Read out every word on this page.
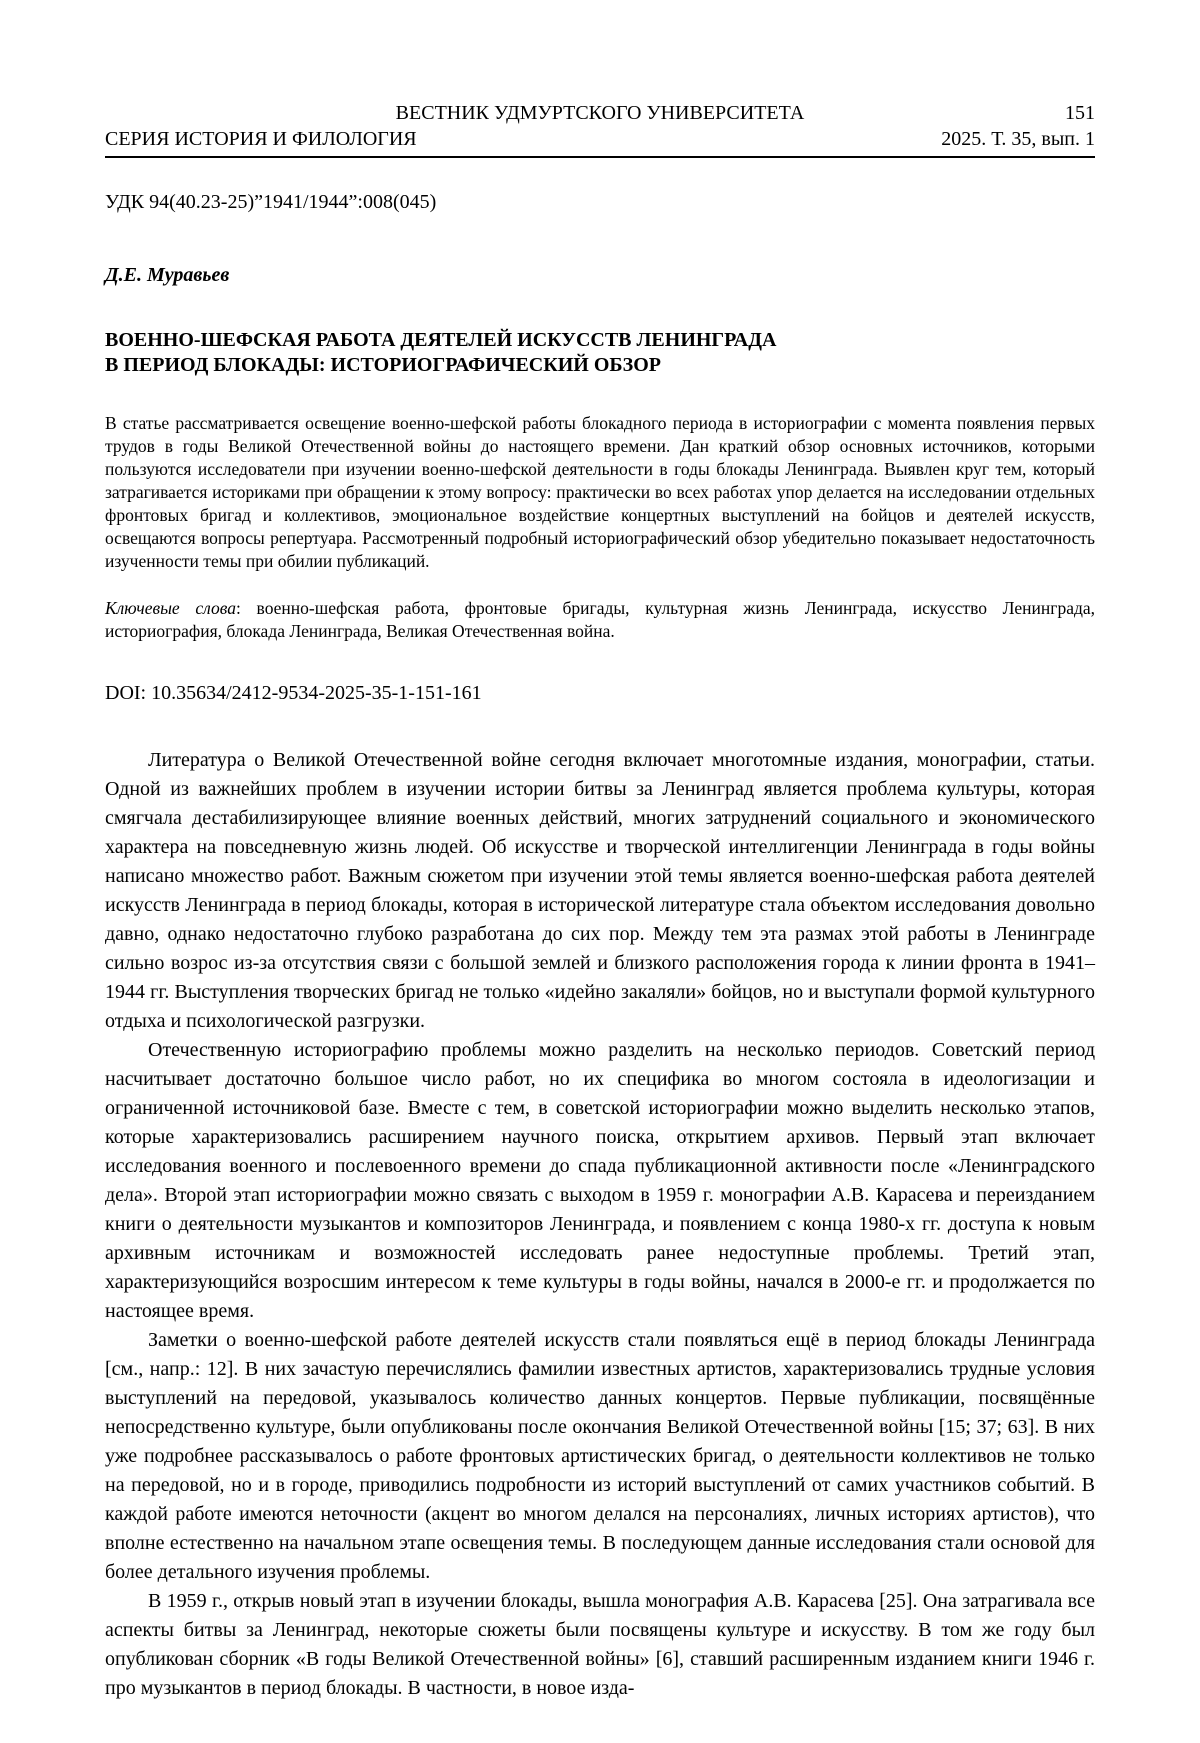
ВЕСТНИК УДМУРТСКОГО УНИВЕРСИТЕТА	151
СЕРИЯ ИСТОРИЯ И ФИЛОЛОГИЯ	2025. Т. 35, вып. 1
УДК 94(40.23-25)”1941/1944”:008(045)
Д.Е. Муравьев
ВОЕННО-ШЕФСКАЯ РАБОТА ДЕЯТЕЛЕЙ ИСКУССТВ ЛЕНИНГРАДА
В ПЕРИОД БЛОКАДЫ: ИСТОРИОГРАФИЧЕСКИЙ ОБЗОР
В статье рассматривается освещение военно-шефской работы блокадного периода в историографии с момента появления первых трудов в годы Великой Отечественной войны до настоящего времени. Дан краткий обзор основных источников, которыми пользуются исследователи при изучении военно-шефской деятельности в годы блокады Ленинграда. Выявлен круг тем, который затрагивается историками при обращении к этому вопросу: практически во всех работах упор делается на исследовании отдельных фронтовых бригад и коллективов, эмоциональное воздействие концертных выступлений на бойцов и деятелей искусств, освещаются вопросы репертуара. Рассмотренный подробный историографический обзор убедительно показывает недостаточность изученности темы при обилии публикаций.
Ключевые слова: военно-шефская работа, фронтовые бригады, культурная жизнь Ленинграда, искусство Ленинграда, историография, блокада Ленинграда, Великая Отечественная война.
DOI: 10.35634/2412-9534-2025-35-1-151-161

Литература о Великой Отечественной войне сегодня включает многотомные издания, монографии, статьи. Одной из важнейших проблем в изучении истории битвы за Ленинград является проблема культуры, которая смягчала дестабилизирующее влияние военных действий, многих затруднений социального и экономического характера на повседневную жизнь людей. Об искусстве и творческой интеллигенции Ленинграда в годы войны написано множество работ. Важным сюжетом при изучении этой темы является военно-шефская работа деятелей искусств Ленинграда в период блокады, которая в исторической литературе стала объектом исследования довольно давно, однако недостаточно глубоко разработана до сих пор. Между тем эта размах этой работы в Ленинграде сильно возрос из-за отсутствия связи с большой землей и близкого расположения города к линии фронта в 1941–1944 гг. Выступления творческих бригад не только «идейно закаляли» бойцов, но и выступали формой культурного отдыха и психологической разгрузки.

Отечественную историографию проблемы можно разделить на несколько периодов. Советский период насчитывает достаточно большое число работ, но их специфика во многом состояла в идеологизации и ограниченной источниковой базе. Вместе с тем, в советской историографии можно выделить несколько этапов, которые характеризовались расширением научного поиска, открытием архивов. Первый этап включает исследования военного и послевоенного времени до спада публикационной активности после «Ленинградского дела». Второй этап историографии можно связать с выходом в 1959 г. монографии А.В. Карасева и переизданием книги о деятельности музыкантов и композиторов Ленинграда, и появлением с конца 1980-х гг. доступа к новым архивным источникам и возможностей исследовать ранее недоступные проблемы. Третий этап, характеризующийся возросшим интересом к теме культуры в годы войны, начался в 2000-е гг. и продолжается по настоящее время.

Заметки о военно-шефской работе деятелей искусств стали появляться ещё в период блокады Ленинграда [см., напр.: 12]. В них зачастую перечислялись фамилии известных артистов, характеризовались трудные условия выступлений на передовой, указывалось количество данных концертов. Первые публикации, посвящённые непосредственно культуре, были опубликованы после окончания Великой Отечественной войны [15; 37; 63]. В них уже подробнее рассказывалось о работе фронтовых артистических бригад, о деятельности коллективов не только на передовой, но и в городе, приводились подробности из историй выступлений от самих участников событий. В каждой работе имеются неточности (акцент во многом делался на персоналиях, личных историях артистов), что вполне естественно на начальном этапе освещения темы. В последующем данные исследования стали основой для более детального изучения проблемы.

В 1959 г., открыв новый этап в изучении блокады, вышла монография А.В. Карасева [25]. Она затрагивала все аспекты битвы за Ленинград, некоторые сюжеты были посвящены культуре и искусству. В том же году был опубликован сборник «В годы Великой Отечественной войны» [6], ставший расширенным изданием книги 1946 г. про музыкантов в период блокады. В частности, в новое изда-
